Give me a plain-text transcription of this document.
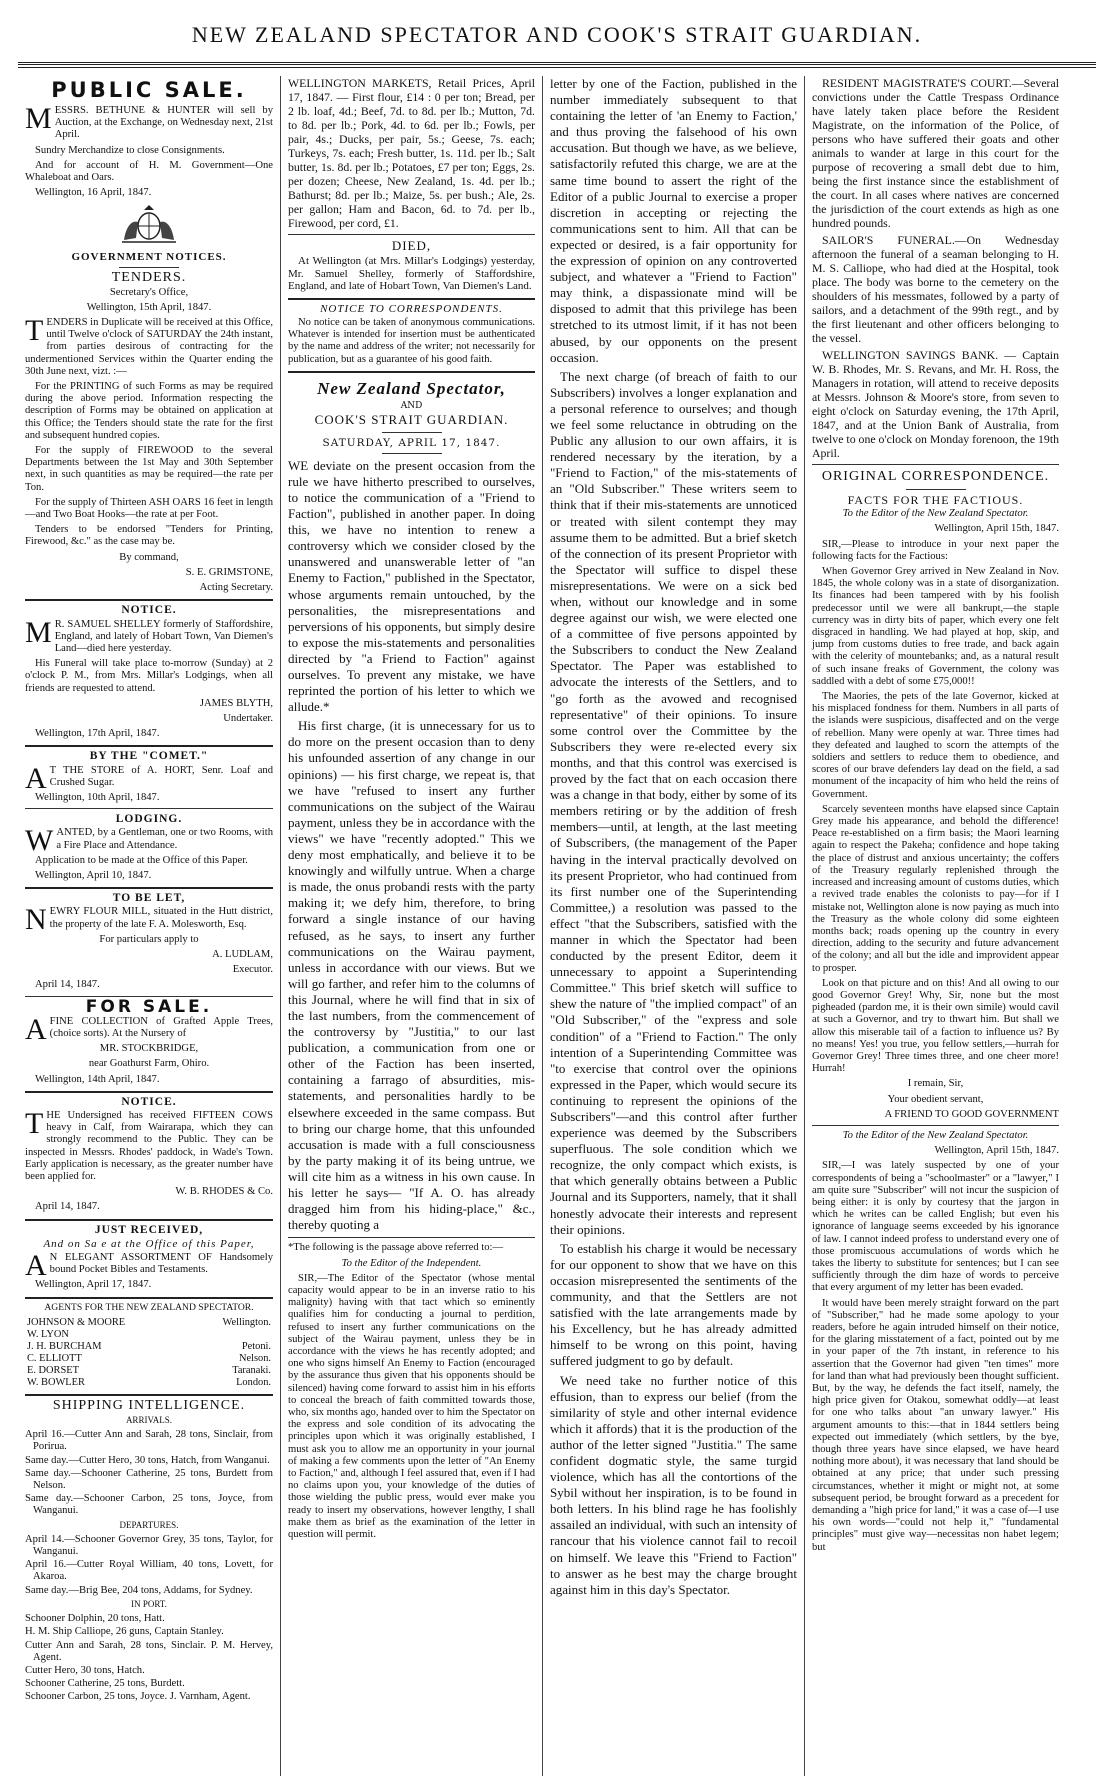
NEW ZEALAND SPECTATOR AND COOK'S STRAIT GUARDIAN.
PUBLIC SALE.

MESSRS. BETHUNE & HUNTER will sell by Auction, at the Exchange, on Wednesday next, 21st April.

Sundry Merchandize to close Consignments.

And for account of H. M. Government—One Whaleboat and Oars.

Wellington, 16 April, 1847.

GOVERNMENT NOTICES.
TENDERS.

Secretary's Office,

Wellington, 15th April, 1847.

TENDERS in Duplicate will be received at this Office, until Twelve o'clock of SATURDAY the 24th instant, from parties desirous of contracting for the undermentioned Services within the Quarter ending the 30th June next, vizt. :—

For the PRINTING of such Forms as may be required during the above period. Information respecting the description of Forms may be obtained on application at this Office; the Tenders should state the rate for the first and subsequent hundred copies.

For the supply of FIREWOOD to the several Departments between the 1st May and 30th September next, in such quantities as may be required—the rate per Ton.

For the supply of Thirteen ASH OARS 16 feet in length—and Two Boat Hooks—the rate at per Foot.

Tenders to be endorsed "Tenders for Printing, Firewood, &c." as the case may be.

By command,

S. E. GRIMSTONE,

Acting Secretary.

NOTICE.

M R. SAMUEL SHELLEY formerly of Staffordshire, England, and lately of Hobart Town, Van Diemen's Land—died here yesterday.

His Funeral will take place to-morrow (Sunday) at 2 o'clock P. M., from Mrs. Millar's Lodgings, when all friends are requested to attend.

JAMES BLYTH,

Undertaker.

Wellington, 17th April, 1847.

BY THE "COMET."

A T THE STORE of A. HORT, Senr. Loaf and Crushed Sugar.

Wellington, 10th April, 1847.

LODGING.

WANTED, by a Gentleman, one or two Rooms, with a Fire Place and Attendance.

Application to be made at the Office of this Paper.

Wellington, April 10, 1847.

TO BE LET,

NEWRY FLOUR MILL, situated in the Hutt district, the property of the late F. A. Molesworth, Esq.

For particulars apply to

A. LUDLAM,

Executor.

April 14, 1847.

FOR SALE.

AFINE COLLECTION of Grafted Apple Trees, (choice sorts). At the Nursery of

MR. STOCKBRIDGE,

near Goathurst Farm, Ohiro.

Wellington, 14th April, 1847.

NOTICE.

THE Undersigned has received FIFTEEN COWS heavy in Calf, from Wairarapa, which they can strongly recommend to the Public. They can be inspected in Messrs. Rhodes' paddock, in Wade's Town. Early application is necessary, as the greater number have been applied for.

W. B. RHODES & Co.

April 14, 1847.

JUST RECEIVED,
And on Sa e at the Office of this Paper,

A N ELEGANT ASSORTMENT OF Handsomely bound Pocket Bibles and Testaments.

Wellington, April 17, 1847.

AGENTS FOR THE NEW ZEALAND SPECTATOR.

JOHNSON & MOORE	Wellington.
W. LYON	
J. H. BURCHAM	Petoni.
C. ELLIOTT	Nelson.
E. DORSET	Taranaki.
W. BOWLER	London.
SHIPPING INTELLIGENCE.

ARRIVALS.

April 16.—Cutter Ann and Sarah, 28 tons, Sinclair, from Porirua.

Same day.—Cutter Hero, 30 tons, Hatch, from Wanganui.

Same day.—Schooner Catherine, 25 tons, Burdett from Nelson.

Same day.—Schooner Carbon, 25 tons, Joyce, from Wanganui.

DEPARTURES.

April 14.—Schooner Governor Grey, 35 tons, Taylor, for Wanganui.

April 16.—Cutter Royal William, 40 tons, Lovett, for Akaroa.

Same day.—Brig Bee, 204 tons, Addams, for Sydney.

IN PORT.

Schooner Dolphin, 20 tons, Hatt.

H. M. Ship Calliope, 26 guns, Captain Stanley.

Cutter Ann and Sarah, 28 tons, Sinclair. P. M. Hervey, Agent.

Cutter Hero, 30 tons, Hatch.

Schooner Catherine, 25 tons, Burdett.

Schooner Carbon, 25 tons, Joyce. J. Varnham, Agent.

WELLINGTON MARKETS, Retail Prices, April 17, 1847. — First flour, £14 : 0 per ton; Bread, per 2 lb. loaf, 4d.; Beef, 7d. to 8d. per lb.; Mutton, 7d. to 8d. per lb.; Pork, 4d. to 6d. per lb.; Fowls, per pair, 4s.; Ducks, per pair, 5s.; Geese, 7s. each; Turkeys, 7s. each; Fresh butter, 1s. 11d. per lb.; Salt butter, 1s. 8d. per lb.; Potatoes, £7 per ton; Eggs, 2s. per dozen; Cheese, New Zealand, 1s. 4d. per lb.; Bathurst; 8d. per lb.; Maize, 5s. per bush.; Ale, 2s. per gallon; Ham and Bacon, 6d. to 7d. per lb., Firewood, per cord, £1.

DIED,

At Wellington (at Mrs. Millar's Lodgings) yesterday, Mr. Samuel Shelley, formerly of Staffordshire, England, and late of Hobart Town, Van Diemen's Land.

NOTICE TO CORRESPONDENTS.

No notice can be taken of anonymous communications. Whatever is intended for insertion must be authenticated by the name and address of the writer; not necessarily for publication, but as a guarantee of his good faith.

New Zealand Spectator,

AND

COOK'S STRAIT GUARDIAN.

SATURDAY, APRIL 17, 1847.

WE deviate on the present occasion from the rule we have hitherto prescribed to ourselves, to notice the communication of a "Friend to Faction", published in another paper. In doing this, we have no intention to renew a controversy which we consider closed by the unanswered and unanswerable letter of "an Enemy to Faction," published in the Spectator, whose arguments remain untouched, by the personalities, the misrepresentations and perversions of his opponents, but simply desire to expose the mis-statements and personalities directed by "a Friend to Faction" against ourselves. To prevent any mistake, we have reprinted the portion of his letter to which we allude.*

His first charge, (it is unnecessary for us to do more on the present occasion than to deny his unfounded assertion of any change in our opinions) — his first charge, we repeat is, that we have "refused to insert any further communications on the subject of the Wairau payment, unless they be in accordance with the views" we have "recently adopted." This we deny most emphatically, and believe it to be knowingly and wilfully untrue. When a charge is made, the onus probandi rests with the party making it; we defy him, therefore, to bring forward a single instance of our having refused, as he says, to insert any further communications on the Wairau payment, unless in accordance with our views. But we will go farther, and refer him to the columns of this Journal, where he will find that in six of the last numbers, from the commencement of the controversy by "Justitia," to our last publication, a communication from one or other of the Faction has been inserted, containing a farrago of absurdities, mis-statements, and personalities hardly to be elsewhere exceeded in the same compass. But to bring our charge home, that this unfounded accusation is made with a full consciousness by the party making it of its being untrue, we will cite him as a witness in his own cause. In his letter he says— "If A. O. has already dragged him from his hiding-place," &c., thereby quoting a

*The following is the passage above referred to:—

To the Editor of the Independent.

SIR,—The Editor of the Spectator (whose mental capacity would appear to be in an inverse ratio to his malignity) having with that tact which so eminently qualifies him for conducting a journal to perdition, refused to insert any further communications on the subject of the Wairau payment, unless they be in accordance with the views he has recently adopted; and one who signs himself An Enemy to Faction (encouraged by the assurance thus given that his opponents should be silenced) having come forward to assist him in his efforts to conceal the breach of faith committed towards those, who, six months ago, handed over to him the Spectator on the express and sole condition of its advocating the principles upon which it was originally established, I must ask you to allow me an opportunity in your journal of making a few comments upon the letter of "An Enemy to Faction," and, although I feel assured that, even if I had no claims upon you, your knowledge of the duties of those wielding the public press, would ever make you ready to insert my observations, however lengthy, I shall make them as brief as the examination of the letter in question will permit.

letter by one of the Faction, published in the number immediately subsequent to that containing the letter of 'an Enemy to Faction,' and thus proving the falsehood of his own accusation. But though we have, as we believe, satisfactorily refuted this charge, we are at the same time bound to assert the right of the Editor of a public Journal to exercise a proper discretion in accepting or rejecting the communications sent to him. All that can be expected or desired, is a fair opportunity for the expression of opinion on any controverted subject, and whatever a "Friend to Faction" may think, a dispassionate mind will be disposed to admit that this privilege has been stretched to its utmost limit, if it has not been abused, by our opponents on the present occasion.

The next charge (of breach of faith to our Subscribers) involves a longer explanation and a personal reference to ourselves; and though we feel some reluctance in obtruding on the Public any allusion to our own affairs, it is rendered necessary by the iteration, by a "Friend to Faction," of the mis-statements of an "Old Subscriber." These writers seem to think that if their mis-statements are unnoticed or treated with silent contempt they may assume them to be admitted. But a brief sketch of the connection of its present Proprietor with the Spectator will suffice to dispel these misrepresentations. We were on a sick bed when, without our knowledge and in some degree against our wish, we were elected one of a committee of five persons appointed by the Subscribers to conduct the New Zealand Spectator. The Paper was established to advocate the interests of the Settlers, and to "go forth as the avowed and recognised representative" of their opinions. To insure some control over the Committee by the Subscribers they were re-elected every six months, and that this control was exercised is proved by the fact that on each occasion there was a change in that body, either by some of its members retiring or by the addition of fresh members—until, at length, at the last meeting of Subscribers, (the management of the Paper having in the interval practically devolved on its present Proprietor, who had continued from its first number one of the Superintending Committee,) a resolution was passed to the effect "that the Subscribers, satisfied with the manner in which the Spectator had been conducted by the present Editor, deem it unnecessary to appoint a Superintending Committee." This brief sketch will suffice to shew the nature of "the implied compact" of an "Old Subscriber," of the "express and sole condition" of a "Friend to Faction." The only intention of a Superintending Committee was "to exercise that control over the opinions expressed in the Paper, which would secure its continuing to represent the opinions of the Subscribers"—and this control after further experience was deemed by the Subscribers superfluous. The sole condition which we recognize, the only compact which exists, is that which generally obtains between a Public Journal and its Supporters, namely, that it shall honestly advocate their interests and represent their opinions.

To establish his charge it would be necessary for our opponent to show that we have on this occasion misrepresented the sentiments of the community, and that the Settlers are not satisfied with the late arrangements made by his Excellency, but he has already admitted himself to be wrong on this point, having suffered judgment to go by default.

We need take no further notice of this effusion, than to express our belief (from the similarity of style and other internal evidence which it affords) that it is the production of the author of the letter signed "Justitia." The same confident dogmatic style, the same turgid violence, which has all the contortions of the Sybil without her inspiration, is to be found in both letters. In his blind rage he has foolishly assailed an individual, with such an intensity of rancour that his violence cannot fail to recoil on himself. We leave this "Friend to Faction" to answer as he best may the charge brought against him in this day's Spectator.

RESIDENT MAGISTRATE'S COURT.—Several convictions under the Cattle Trespass Ordinance have lately taken place before the Resident Magistrate, on the information of the Police, of persons who have suffered their goats and other animals to wander at large in this court for the purpose of recovering a small debt due to him, being the first instance since the establishment of the court. In all cases where natives are concerned the jurisdiction of the court extends as high as one hundred pounds.

SAILOR'S FUNERAL.—On Wednesday afternoon the funeral of a seaman belonging to H. M. S. Calliope, who had died at the Hospital, took place. The body was borne to the cemetery on the shoulders of his messmates, followed by a party of sailors, and a detachment of the 99th regt., and by the first lieutenant and other officers belonging to the vessel.

WELLINGTON SAVINGS BANK. — Captain W. B. Rhodes, Mr. S. Revans, and Mr. H. Ross, the Managers in rotation, will attend to receive deposits at Messrs. Johnson & Moore's store, from seven to eight o'clock on Saturday evening, the 17th April, 1847, and at the Union Bank of Australia, from twelve to one o'clock on Monday forenoon, the 19th April.

ORIGINAL CORRESPONDENCE.
FACTS FOR THE FACTIOUS.

To the Editor of the New Zealand Spectator.

Wellington, April 15th, 1847.

SIR,—Please to introduce in your next paper the following facts for the Factious:

When Governor Grey arrived in New Zealand in Nov. 1845, the whole colony was in a state of disorganization. Its finances had been tampered with by his foolish predecessor until we were all bankrupt,—the staple currency was in dirty bits of paper, which every one felt disgraced in handling. We had played at hop, skip, and jump from customs duties to free trade, and back again with the celerity of mountebanks; and, as a natural result of such insane freaks of Government, the colony was saddled with a debt of some £75,000!!

The Maories, the pets of the late Governor, kicked at his misplaced fondness for them. Numbers in all parts of the islands were suspicious, disaffected and on the verge of rebellion. Many were openly at war. Three times had they defeated and laughed to scorn the attempts of the soldiers and settlers to reduce them to obedience, and scores of our brave defenders lay dead on the field, a sad monument of the incapacity of him who held the reins of Government.

Scarcely seventeen months have elapsed since Captain Grey made his appearance, and behold the difference! Peace re-established on a firm basis; the Maori learning again to respect the Pakeha; confidence and hope taking the place of distrust and anxious uncertainty; the coffers of the Treasury regularly replenished through the increased and increasing amount of customs duties, which a revived trade enables the colonists to pay—for if I mistake not, Wellington alone is now paying as much into the Treasury as the whole colony did some eighteen months back; roads opening up the country in every direction, adding to the security and future advancement of the colony; and all but the idle and improvident appear to prosper.

Look on that picture and on this! And all owing to our good Governor Grey! Why, Sir, none but the most pigheaded (pardon me, it is their own simile) would cavil at such a Governor, and try to thwart him. But shall we allow this miserable tail of a faction to influence us? By no means! Yes! you true, you fellow settlers,—hurrah for Governor Grey! Three times three, and one cheer more! Hurrah!

I remain, Sir,

Your obedient servant,

A FRIEND TO GOOD GOVERNMENT

To the Editor of the New Zealand Spectator.

Wellington, April 15th, 1847.

SIR,—I was lately suspected by one of your correspondents of being a "schoolmaster" or a "lawyer," I am quite sure "Subscriber" will not incur the suspicion of being either: it is only by courtesy that the jargon in which he writes can be called English; but even his ignorance of language seems exceeded by his ignorance of law. I cannot indeed profess to understand every one of those promiscuous accumulations of words which he takes the liberty to substitute for sentences; but I can see sufficiently through the dim haze of words to perceive that every argument of my letter has been evaded.

It would have been merely straight forward on the part of "Subscriber," had he made some apology to your readers, before he again intruded himself on their notice, for the glaring misstatement of a fact, pointed out by me in your paper of the 7th instant, in reference to his assertion that the Governor had given "ten times" more for land than what had previously been thought sufficient. But, by the way, he defends the fact itself, namely, the high price given for Otakou, somewhat oddly—at least for one who talks about "an unwary lawyer." His argument amounts to this:—that in 1844 settlers being expected out immediately (which settlers, by the bye, though three years have since elapsed, we have heard nothing more about), it was necessary that land should be obtained at any price; that under such pressing circumstances, whether it might or might not, at some subsequent period, be brought forward as a precedent for demanding a "high price for land," it was a case of—I use his own words—"could not help it," "fundamental principles" must give way—necessitas non habet legem; but
